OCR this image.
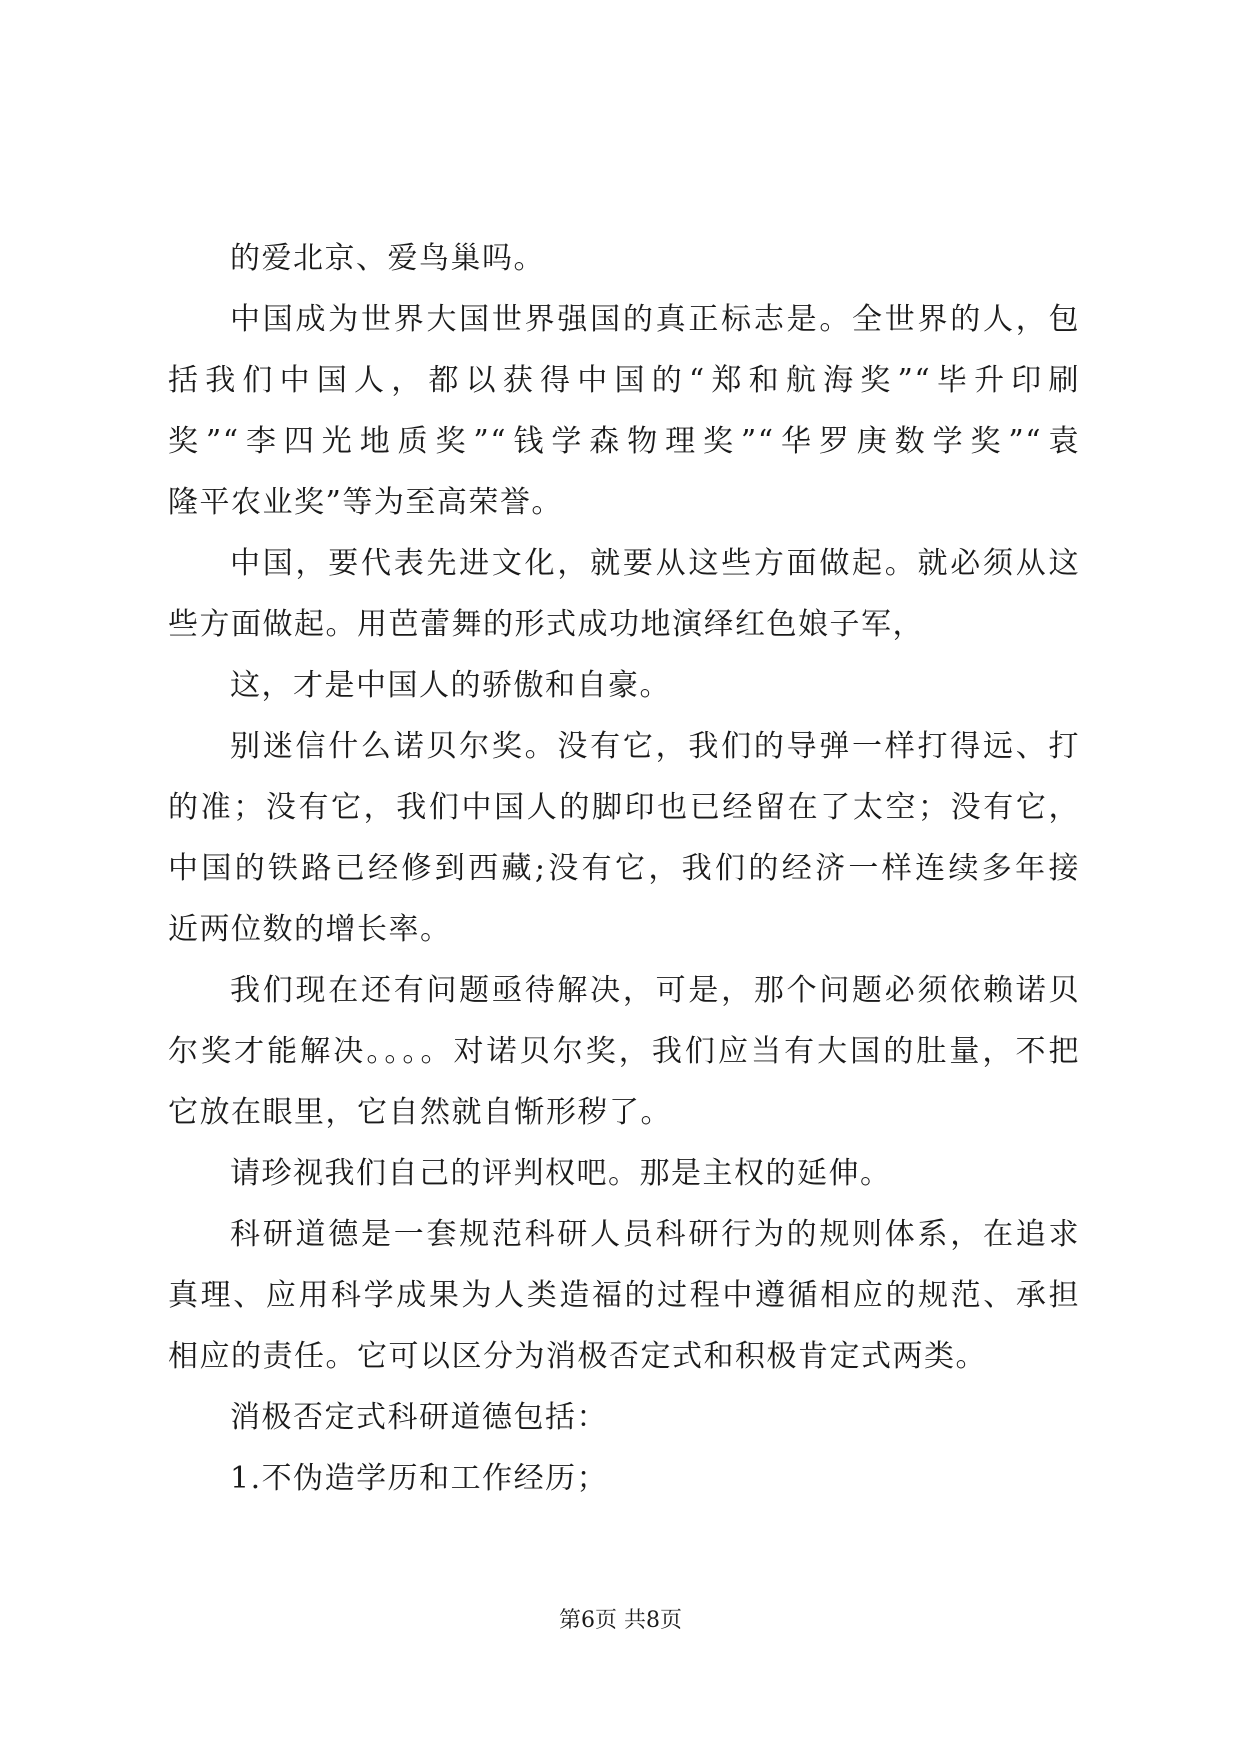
的爱北京、爱鸟巢吗。
中国成为世界大国世界强国的真正标志是。全世界的人，包
括我们中国人，都以获得中国的“郑和航海奖”“毕升印刷
奖”“李四光地质奖”“钱学森物理奖”“华罗庚数学奖”“袁
隆平农业奖”等为至高荣誉。
中国，要代表先进文化，就要从这些方面做起。就必须从这
些方面做起。用芭蕾舞的形式成功地演绎红色娘子军，
这，才是中国人的骄傲和自豪。
别迷信什么诺贝尔奖。没有它，我们的导弹一样打得远、打
的准；没有它，我们中国人的脚印也已经留在了太空；没有它，
中国的铁路已经修到西藏;没有它，我们的经济一样连续多年接
近两位数的增长率。
我们现在还有问题亟待解决，可是，那个问题必须依赖诺贝
尔奖才能解决。。。。对诺贝尔奖，我们应当有大国的肚量，不把
它放在眼里，它自然就自惭形秽了。
请珍视我们自己的评判权吧。那是主权的延伸。
科研道德是一套规范科研人员科研行为的规则体系，在追求
真理、应用科学成果为人类造福的过程中遵循相应的规范、承担
相应的责任。它可以区分为消极否定式和积极肯定式两类。
消极否定式科研道德包括：
1.不伪造学历和工作经历；
第6页 共8页
